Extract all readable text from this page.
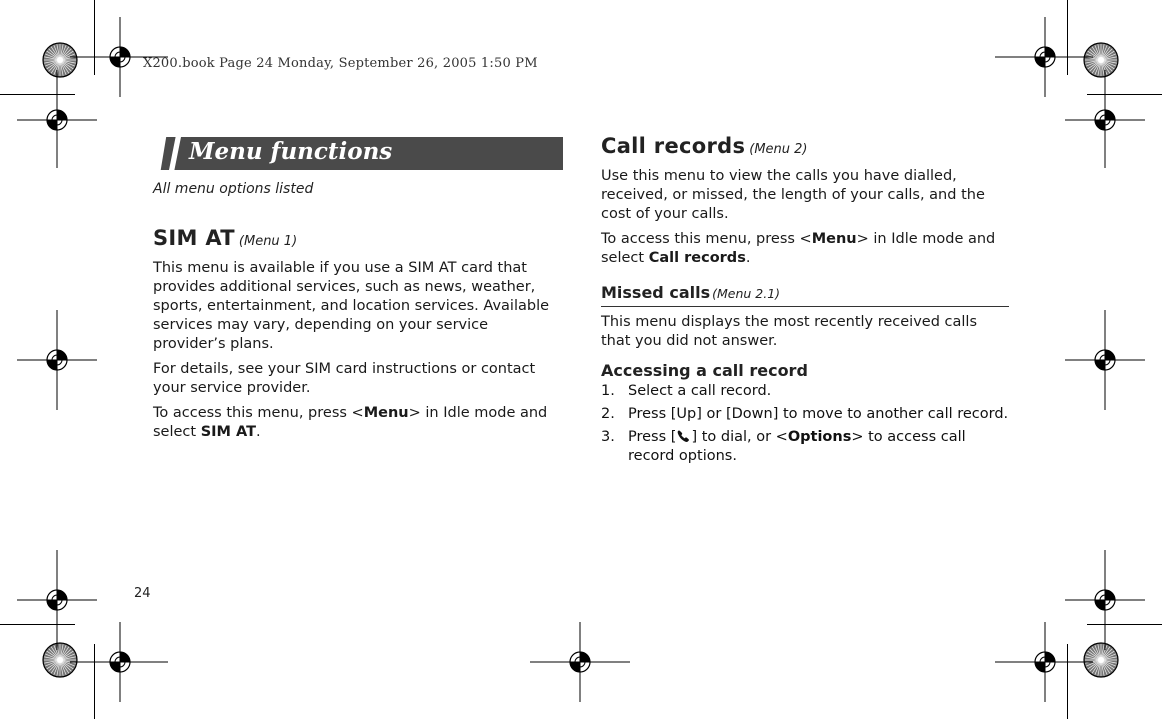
X200.book Page 24 Monday, September 26, 2005 1:50 PM
Menu functions
All menu options listed
SIM AT (Menu 1)

This menu is available if you use a SIM AT card that provides additional services, such as news, weather, sports, entertainment, and location services. Available services may vary, depending on your service provider’s plans.

For details, see your SIM card instructions or contact your service provider.

To access this menu, press <Menu> in Idle mode and select SIM AT.

Call records (Menu 2)

Use this menu to view the calls you have dialled, received, or missed, the length of your calls, and the cost of your calls.

To access this menu, press <Menu> in Idle mode and select Call records.

Missed calls (Menu 2.1)

This menu displays the most recently received calls that you did not answer.

Accessing a call record
1. Select a call record.
2. Press [Up] or [Down] to move to another call record.
3. Press [ ] to dial, or <Options> to access call record options.
24
